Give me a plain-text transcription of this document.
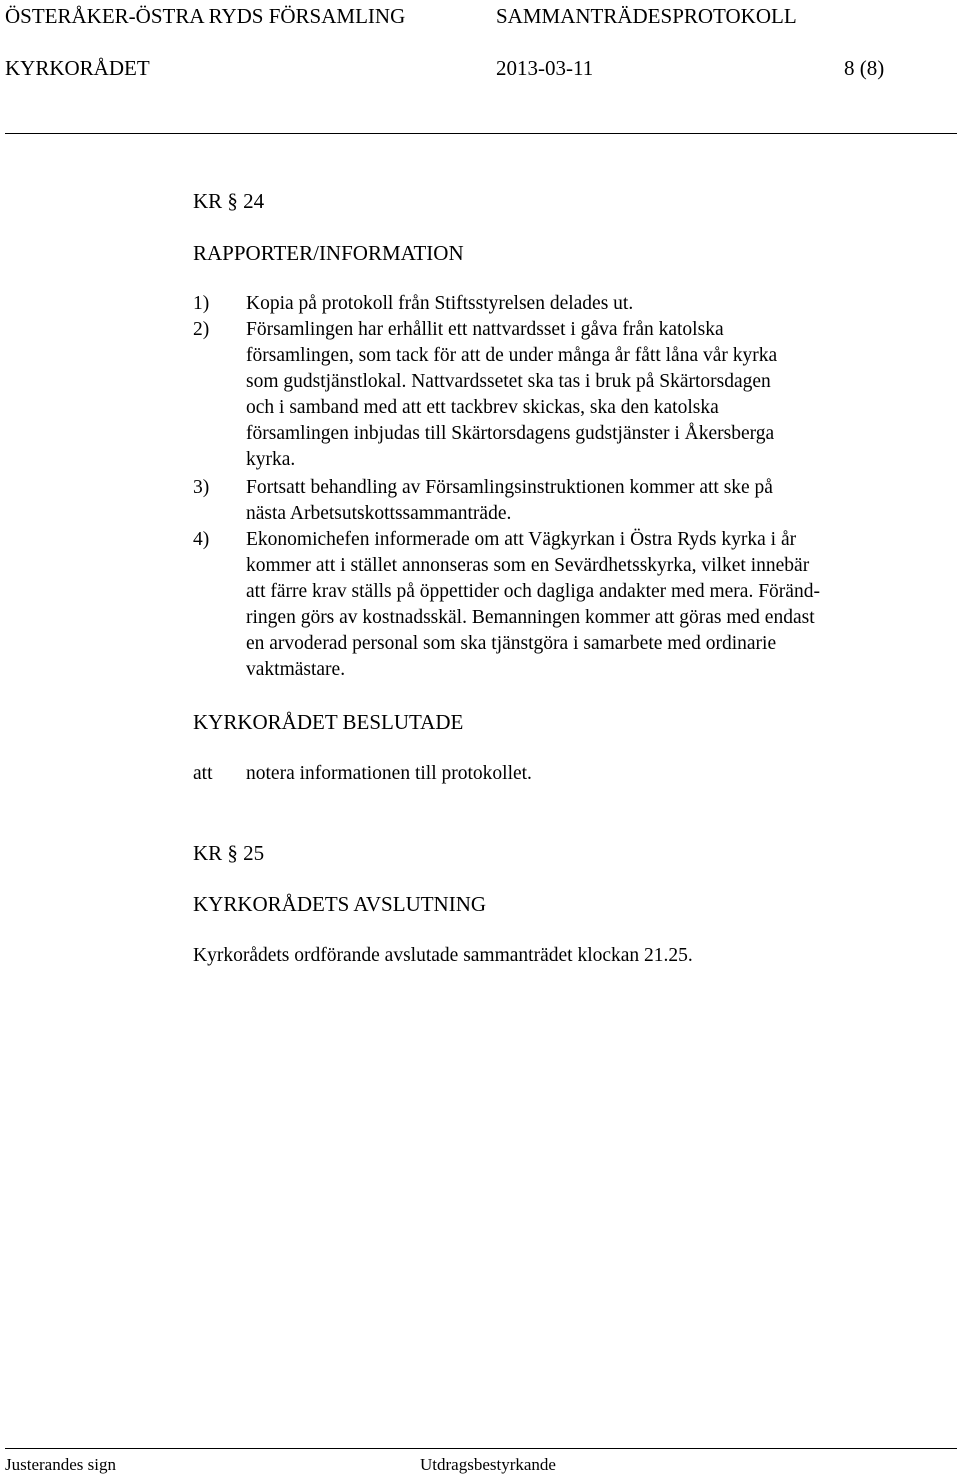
ÖSTERÅKER-ÖSTRA RYDS FÖRSAMLING	SAMMANTRÄDESPROTOKOLL
KYRKORÅDET	2013-03-11	8 (8)
KR § 24
RAPPORTER/INFORMATION
1) Kopia på protokoll från Stiftsstyrelsen delades ut.
2) Församlingen har erhållit ett nattvardsset i gåva från katolska
församlingen, som tack för att de under många år fått låna vår kyrka
som gudstjänstlokal. Nattvardssetet ska tas i bruk på Skärtorsdagen
och i samband med att ett tackbrev skickas, ska den katolska
församlingen inbjudas till Skärtorsdagens gudstjänster i Åkersberga
kyrka.
3) Fortsatt behandling av Församlingsinstruktionen kommer att ske på
nästa Arbetsutskottssammanträde.
4) Ekonomichefen informerade om att Vägkyrkan i Östra Ryds kyrka i år
kommer att i stället annonseras som en Sevärdhetsskyrka, vilket innebär
att färre krav ställs på öppettider och dagliga andakter med mera. Föränd-
ringen görs av kostnadsskäl. Bemanningen kommer att göras med endast
en arvoderad personal som ska tjänstgöra i samarbete med ordinarie
vaktmästare.
KYRKORÅDET BESLUTADE
att notera informationen till protokollet.
KR § 25
KYRKORÅDETS AVSLUTNING
Kyrkorådets ordförande avslutade sammanträdet klockan 21.25.
Justerandes sign	Utdragsbestyrkande
